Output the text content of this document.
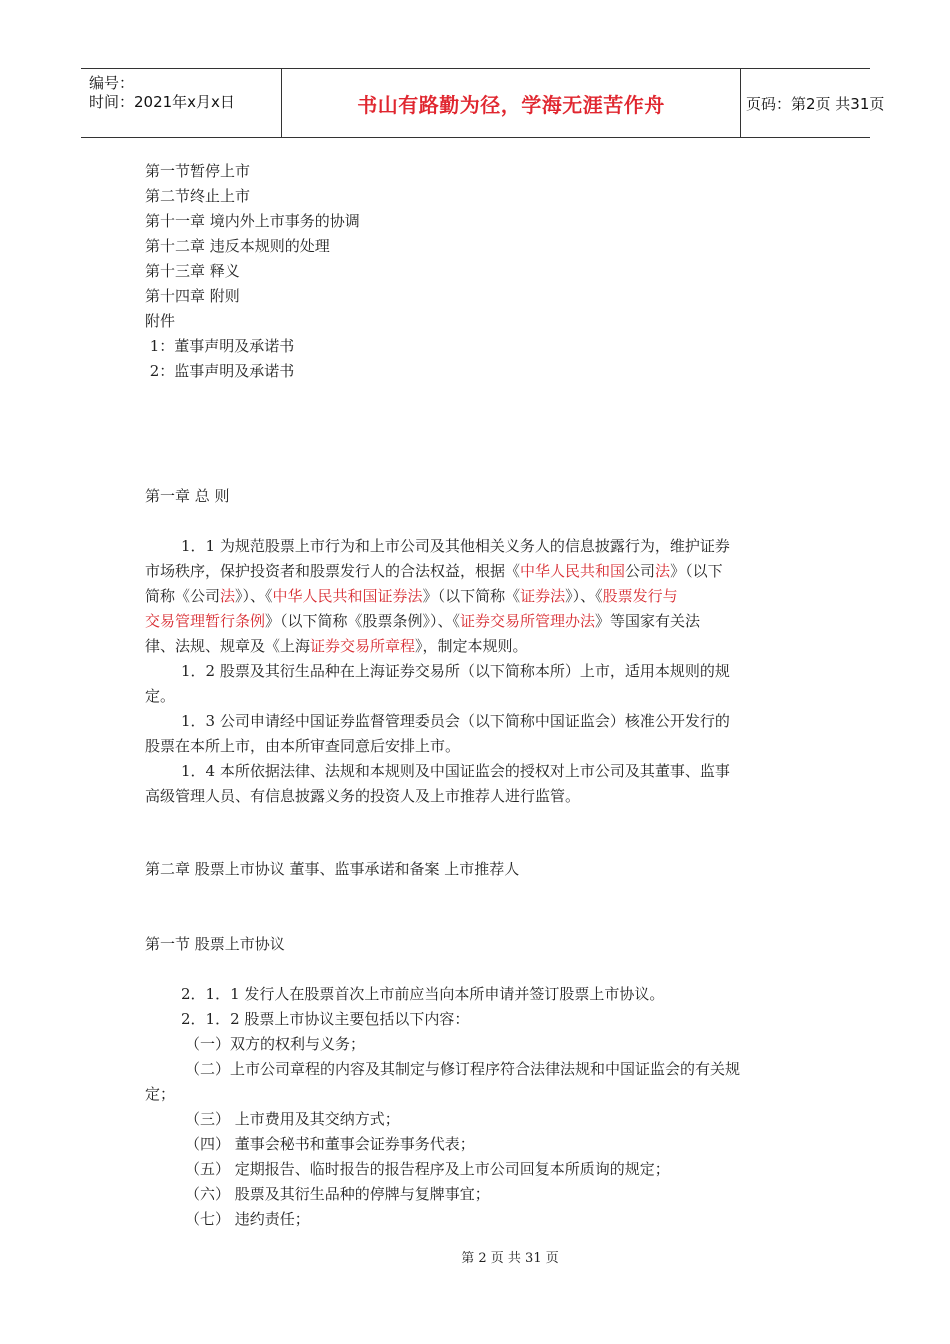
编号：
时间：2021年x月x日	书山有路勤为径，学海无涯苦作舟	页码：第2页 共31页
第一节暂停上市
第二节终止上市
第十一章 境内外上市事务的协调
第十二章 违反本规则的处理
第十三章 释义
第十四章 附则
附件
1：董事声明及承诺书
2：监事声明及承诺书
第一章 总 则
1．1 为规范股票上市行为和上市公司及其他相关义务人的信息披露行为，维护证券
市场秩序，保护投资者和股票发行人的合法权益，根据《中华人民共和国公司法》（以下
简称《公司法》）、《中华人民共和国证券法》（以下简称《证券法》）、《股票发行与
交易管理暂行条例》（以下简称《股票条例》）、《证券交易所管理办法》等国家有关法
律、法规、规章及《上海证券交易所章程》，制定本规则。
1．2 股票及其衍生品种在上海证券交易所（以下简称本所）上市，适用本规则的规
定。
1．3 公司申请经中国证券监督管理委员会（以下简称中国证监会）核准公开发行的
股票在本所上市，由本所审查同意后安排上市。
1．4 本所依据法律、法规和本规则及中国证监会的授权对上市公司及其董事、监事
高级管理人员、有信息披露义务的投资人及上市推荐人进行监管。
第二章 股票上市协议 董事、监事承诺和备案 上市推荐人
第一节 股票上市协议
2．1．1 发行人在股票首次上市前应当向本所申请并签订股票上市协议。
2．1．2 股票上市协议主要包括以下内容：
（一）双方的权利与义务；
（二）上市公司章程的内容及其制定与修订程序符合法律法规和中国证监会的有关规
定；
（三） 上市费用及其交纳方式；
（四） 董事会秘书和董事会证券事务代表；
（五） 定期报告、临时报告的报告程序及上市公司回复本所质询的规定；
（六） 股票及其衍生品种的停牌与复牌事宜；
（七） 违约责任；
第 2 页 共 31 页
